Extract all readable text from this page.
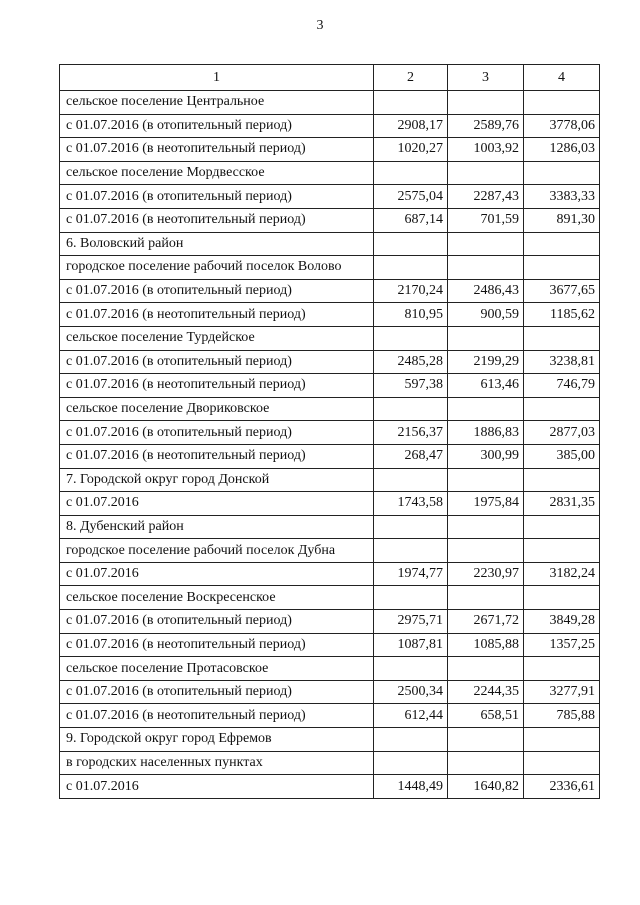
3
1	2	3	4
сельское поселение Центральное			
с 01.07.2016 (в отопительный период)	2908,17	2589,76	3778,06
с 01.07.2016 (в неотопительный период)	1020,27	1003,92	1286,03
сельское поселение Мордвесское			
с 01.07.2016 (в отопительный период)	2575,04	2287,43	3383,33
с 01.07.2016 (в неотопительный период)	687,14	701,59	891,30
6. Воловский район			
городское поселение рабочий поселок Волово			
с 01.07.2016 (в отопительный период)	2170,24	2486,43	3677,65
с 01.07.2016 (в неотопительный период)	810,95	900,59	1185,62
сельское поселение Турдейское			
с 01.07.2016 (в отопительный период)	2485,28	2199,29	3238,81
с 01.07.2016 (в неотопительный период)	597,38	613,46	746,79
сельское поселение Двориковское			
с 01.07.2016 (в отопительный период)	2156,37	1886,83	2877,03
с 01.07.2016 (в неотопительный период)	268,47	300,99	385,00
7. Городской округ город Донской			
с 01.07.2016	1743,58	1975,84	2831,35
8. Дубенский район			
городское поселение рабочий поселок Дубна			
с 01.07.2016	1974,77	2230,97	3182,24
сельское поселение Воскресенское			
с 01.07.2016 (в отопительный период)	2975,71	2671,72	3849,28
с 01.07.2016 (в неотопительный период)	1087,81	1085,88	1357,25
сельское поселение Протасовское			
с 01.07.2016 (в отопительный период)	2500,34	2244,35	3277,91
с 01.07.2016 (в неотопительный период)	612,44	658,51	785,88
9. Городской округ город Ефремов			
в городских населенных пунктах			
с 01.07.2016	1448,49	1640,82	2336,61
